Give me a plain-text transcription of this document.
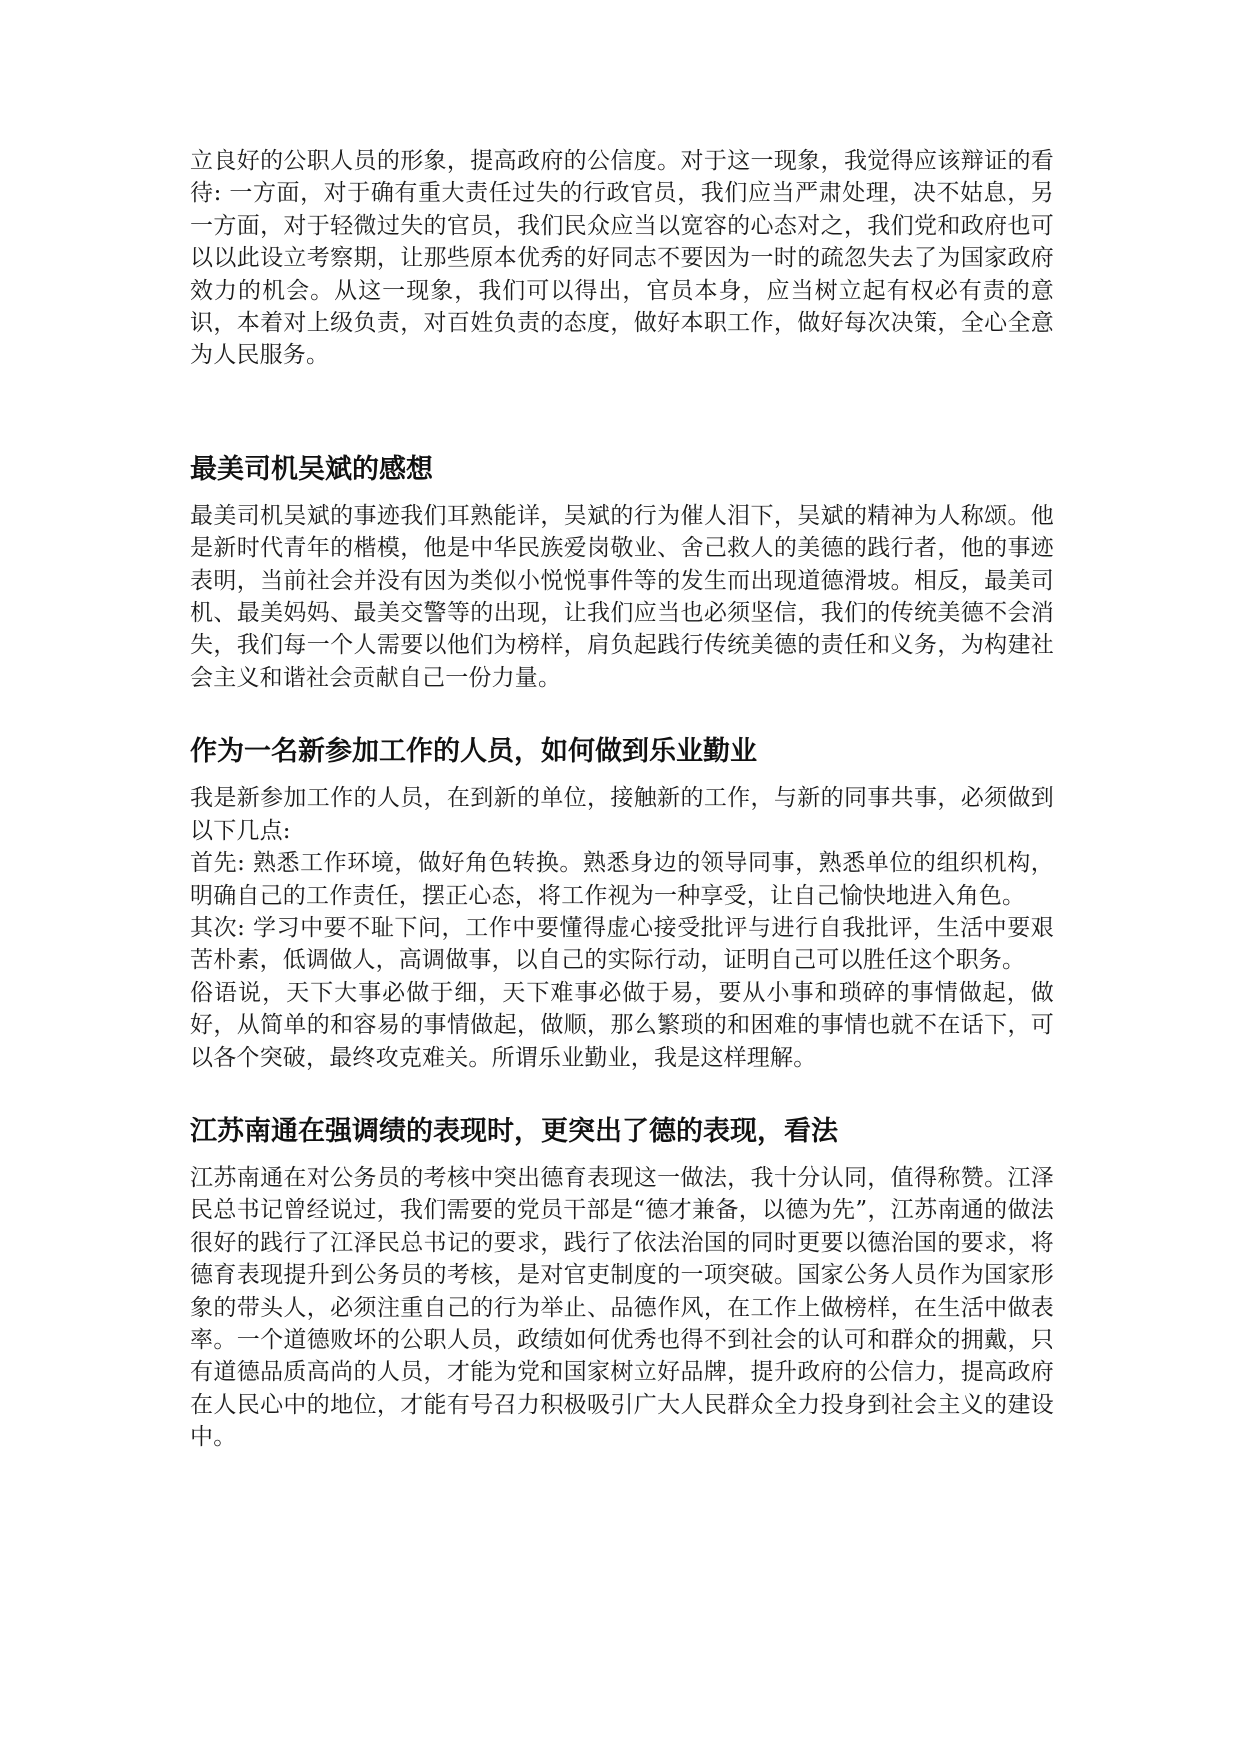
立良好的公职人员的形象，提高政府的公信度。对于这一现象，我觉得应该辩证的看待: 一方面，对于确有重大责任过失的行政官员，我们应当严肃处理，决不姑息，另一方面，对于轻微过失的官员，我们民众应当以宽容的心态对之，我们党和政府也可以以此设立考察期，让那些原本优秀的好同志不要因为一时的疏忽失去了为国家政府效力的机会。从这一现象，我们可以得出，官员本身，应当树立起有权必有责的意识，本着对上级负责，对百姓负责的态度，做好本职工作，做好每次决策，全心全意为人民服务。

最美司机吴斌的感想

最美司机吴斌的事迹我们耳熟能详，吴斌的行为催人泪下，吴斌的精神为人称颂。他是新时代青年的楷模，他是中华民族爱岗敬业、舍己救人的美德的践行者，他的事迹表明，当前社会并没有因为类似小悦悦事件等的发生而出现道德滑坡。相反，最美司机、最美妈妈、最美交警等的出现，让我们应当也必须坚信，我们的传统美德不会消失，我们每一个人需要以他们为榜样，肩负起践行传统美德的责任和义务，为构建社会主义和谐社会贡献自己一份力量。

作为一名新参加工作的人员，如何做到乐业勤业

我是新参加工作的人员，在到新的单位，接触新的工作，与新的同事共事，必须做到以下几点:

首先: 熟悉工作环境，做好角色转换。熟悉身边的领导同事，熟悉单位的组织机构，明确自己的工作责任，摆正心态，将工作视为一种享受，让自己愉快地进入角色。

其次: 学习中要不耻下问，工作中要懂得虚心接受批评与进行自我批评，生活中要艰苦朴素，低调做人，高调做事，以自己的实际行动，证明自己可以胜任这个职务。

俗语说，天下大事必做于细，天下难事必做于易，要从小事和琐碎的事情做起，做好，从简单的和容易的事情做起，做顺，那么繁琐的和困难的事情也就不在话下，可以各个突破，最终攻克难关。所谓乐业勤业，我是这样理解。

江苏南通在强调绩的表现时，更突出了德的表现，看法

江苏南通在对公务员的考核中突出德育表现这一做法，我十分认同，值得称赞。江泽民总书记曾经说过，我们需要的党员干部是“德才兼备，以德为先”，江苏南通的做法很好的践行了江泽民总书记的要求，践行了依法治国的同时更要以德治国的要求，将德育表现提升到公务员的考核，是对官吏制度的一项突破。国家公务人员作为国家形象的带头人，必须注重自己的行为举止、品德作风，在工作上做榜样，在生活中做表率。一个道德败坏的公职人员，政绩如何优秀也得不到社会的认可和群众的拥戴，只有道德品质高尚的人员，才能为党和国家树立好品牌，提升政府的公信力，提高政府在人民心中的地位，才能有号召力积极吸引广大人民群众全力投身到社会主义的建设中。
